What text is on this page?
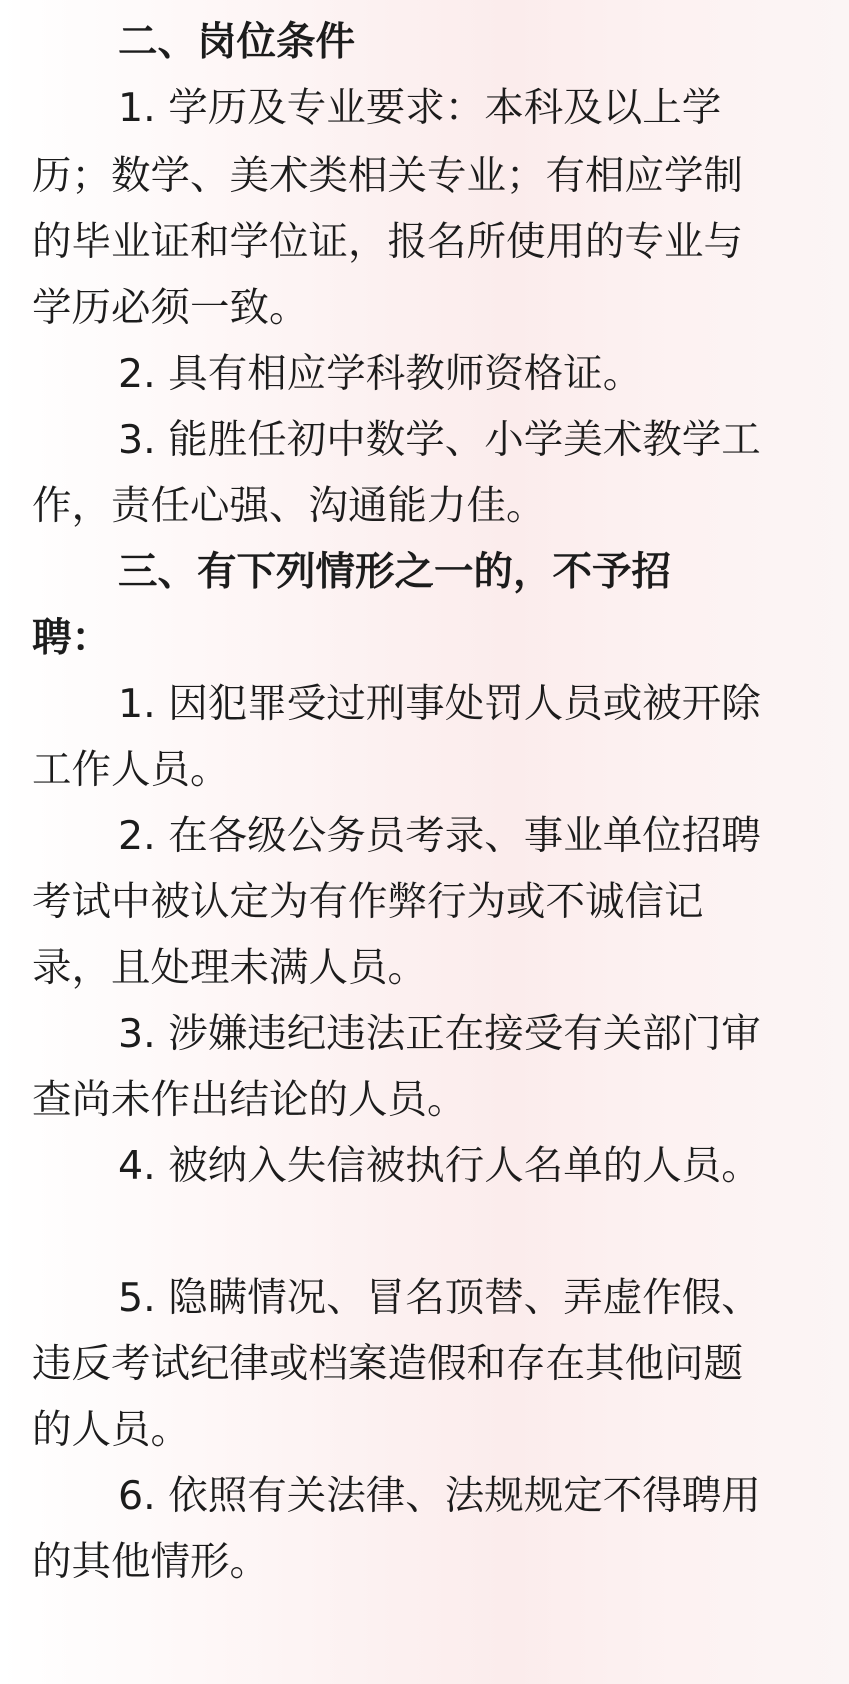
二、岗位条件
1. 学历及专业要求：本科及以上学
历；数学、美术类相关专业；有相应学制
的毕业证和学位证，报名所使用的专业与
学历必须一致。
2. 具有相应学科教师资格证。
3. 能胜任初中数学、小学美术教学工
作，责任心强、沟通能力佳。
三、有下列情形之一的，不予招
聘：
1. 因犯罪受过刑事处罚人员或被开除
工作人员。
2. 在各级公务员考录、事业单位招聘
考试中被认定为有作弊行为或不诚信记
录，且处理未满人员。
3. 涉嫌违纪违法正在接受有关部门审
查尚未作出结论的人员。
4. 被纳入失信被执行人名单的人员。
5. 隐瞒情况、冒名顶替、弄虚作假、
违反考试纪律或档案造假和存在其他问题
的人员。
6. 依照有关法律、法规规定不得聘用
的其他情形。
